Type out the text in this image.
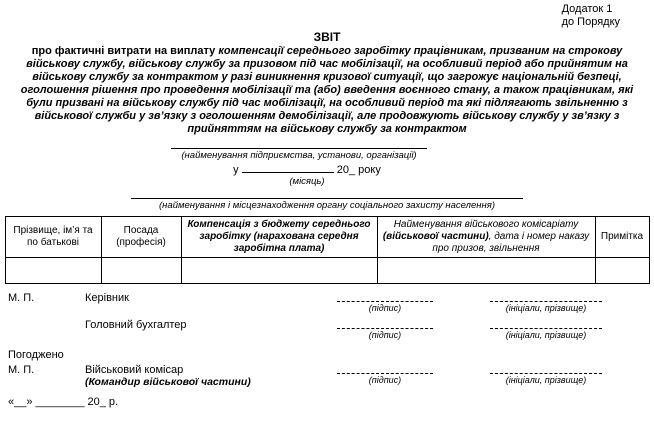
Додаток 1
до Порядку
ЗВІТ
про фактичні витрати на виплату компенсації середнього заробітку працівникам, призваним на строкову військову службу, військову службу за призовом під час мобілізації, на особливий період або прийнятим на військову службу за контрактом у разі виникнення кризової ситуації, що загрожує національній безпеці, оголошення рішення про проведення мобілізації та (або) введення воєнного стану, а також працівникам, які були призвані на військову службу під час мобілізації, на особливий період та які підлягають звільненню з військової служби у зв’язку з оголошенням демобілізації, але продовжують військову службу у зв’язку з прийняттям на військову службу за контрактом
(найменування підприємства, установи, організації)
у	20_ року
(місяць)
(найменування і місцезнаходження органу соціального захисту населення)
Прізвище, ім’я та по батькові	Посада (професія)	Компенсація з бюджету середнього заробітку (нарахована середня заробітна плата)	Найменування військового комісаріату (військової частини), дата і номер наказу про призов, звільнення	Примітка

М. П.	Керівник
(підпис)	(ініціали, прізвище)
Головний бухгалтер
(підпис)	(ініціали, прізвище)
Погоджено
М. П.	Військовий комісар
(Командир військової частини)	(підпис)	(ініціали, прізвище)
«__» ________ 20_ р.
